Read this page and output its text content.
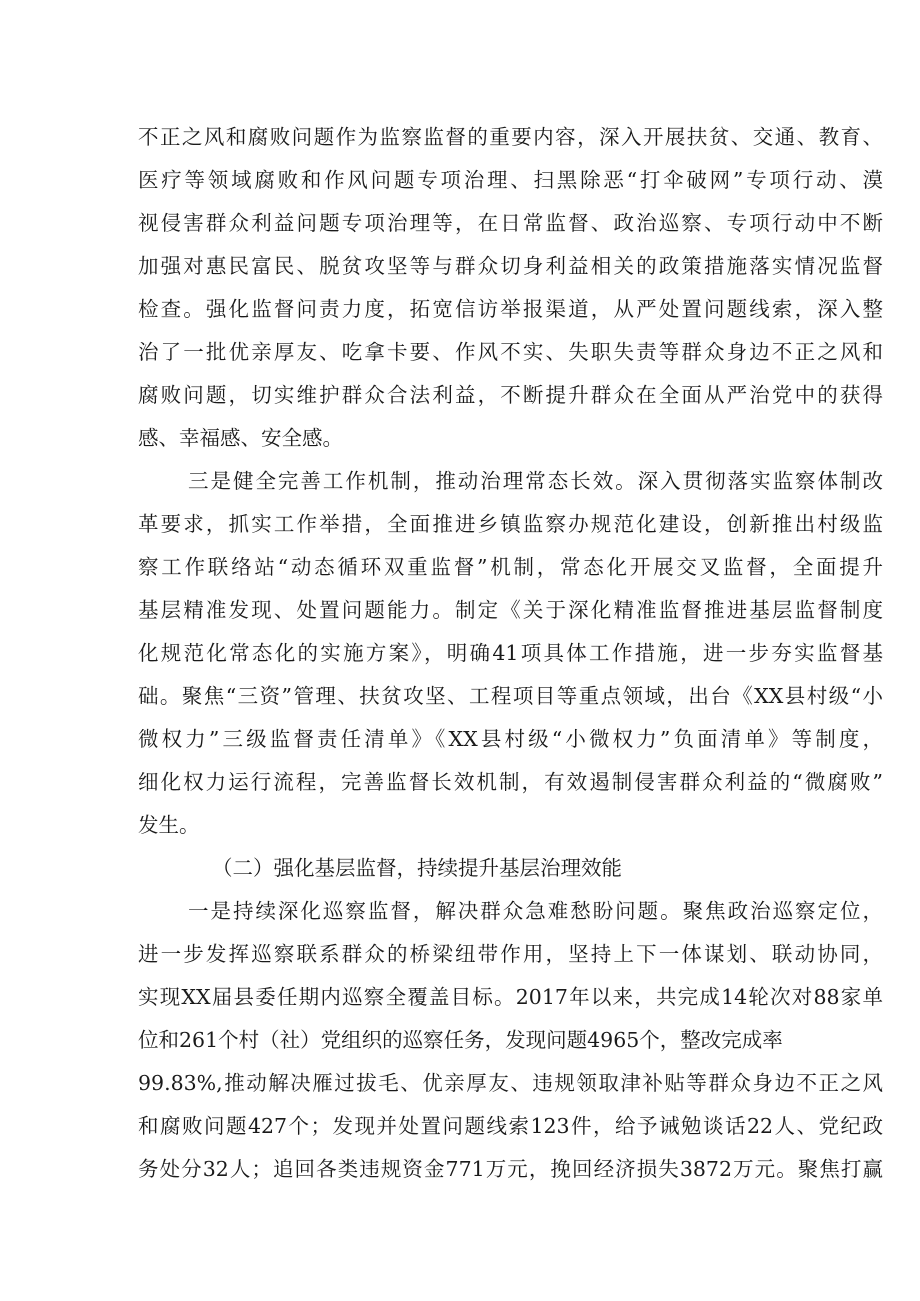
不正之风和腐败问题作为监察监督的重要内容，深入开展扶贫、交通、教育、
医疗等领域腐败和作风问题专项治理、扫黑除恶“打伞破网”专项行动、漠
视侵害群众利益问题专项治理等，在日常监督、政治巡察、专项行动中不断
加强对惠民富民、脱贫攻坚等与群众切身利益相关的政策措施落实情况监督
检查。强化监督问责力度，拓宽信访举报渠道，从严处置问题线索，深入整
治了一批优亲厚友、吃拿卡要、作风不实、失职失责等群众身边不正之风和
腐败问题，切实维护群众合法利益，不断提升群众在全面从严治党中的获得
感、幸福感、安全感。
三是健全完善工作机制，推动治理常态长效。深入贯彻落实监察体制改
革要求，抓实工作举措，全面推进乡镇监察办规范化建设，创新推出村级监
察工作联络站“动态循环双重监督”机制，常态化开展交叉监督，全面提升
基层精准发现、处置问题能力。制定《关于深化精准监督推进基层监督制度
化规范化常态化的实施方案》，明确41项具体工作措施，进一步夯实监督基
础。聚焦“三资”管理、扶贫攻坚、工程项目等重点领域，出台《XX县村级“小
微权力”三级监督责任清单》《XX县村级“小微权力”负面清单》等制度，
细化权力运行流程，完善监督长效机制，有效遏制侵害群众利益的“微腐败”
发生。
（二）强化基层监督，持续提升基层治理效能
一是持续深化巡察监督，解决群众急难愁盼问题。聚焦政治巡察定位，
进一步发挥巡察联系群众的桥梁纽带作用，坚持上下一体谋划、联动协同，
实现XX届县委任期内巡察全覆盖目标。2017年以来，共完成14轮次对88家单
位和261个村（社）党组织的巡察任务，发现问题4965个，整改完成率
99.83%,推动解决雁过拔毛、优亲厚友、违规领取津补贴等群众身边不正之风
和腐败问题427个；发现并处置问题线索123件，给予诫勉谈话22人、党纪政
务处分32人；追回各类违规资金771万元，挽回经济损失3872万元。聚焦打赢
